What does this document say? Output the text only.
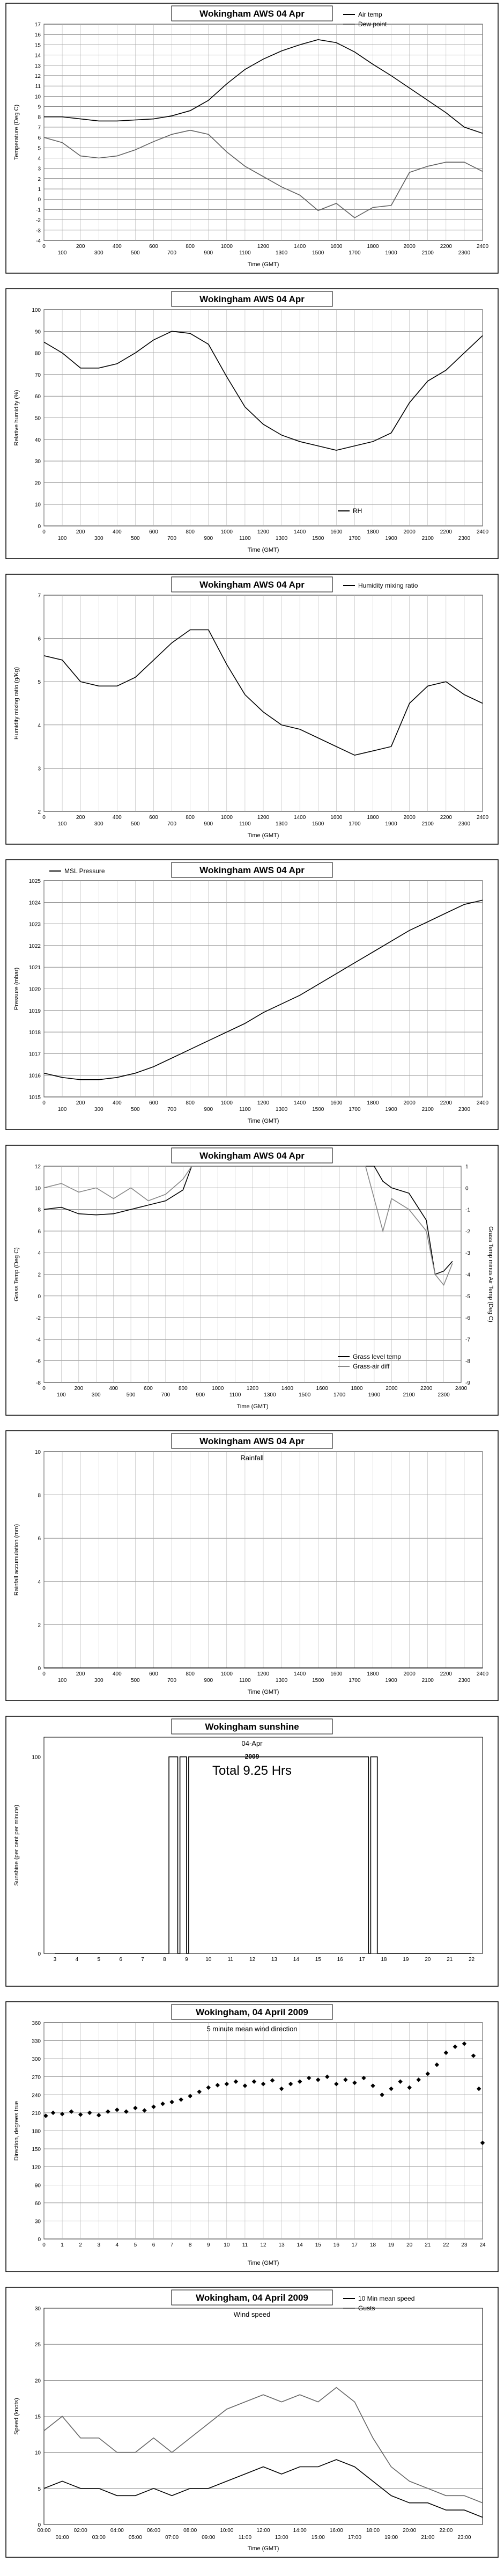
-4
-3
-2
-1
0
1
2
3
4
5
6
7
8
9
10
11
12
13
14
15
16
17
0
100
200
300
400
500
600
700
800
900
1000
1100
1200
1300
1400
1500
1600
1700
1800
1900
2000
2100
2200
2300
2400
Time (GMT)
Temperature (Deg C)
Wokingham AWS 04 Apr	Air temp
Dew point
0
10
20
30
40
50
60
70
80
90
100
0
100
200
300
400
500
600
700
800
900
1000
1100
1200
1300
1400
1500
1600
1700
1800
1900
2000
2100
2200
2300
2400
Time (GMT)
Relative humidity (%)
Wokingham AWS 04 Apr
RH
2
3
4
5
6
7
0
100
200
300
400
500
600
700
800
900
1000
1100
1200
1300
1400
1500
1600
1700
1800
1900
2000
2100
2200
2300
2400
Time (GMT)
Humidity mixing ratio (g/Kg)
Wokingham AWS 04 Apr	Humidity mixing ratio
1015
1016
1017
1018
1019
1020
1021
1022
1023
1024
1025
0
100
200
300
400
500
600
700
800
900
1000
1100
1200
1300
1400
1500
1600
1700
1800
1900
2000
2100
2200
2300
2400
Time (GMT)
Pressure (mbar)
Wokingham AWS 04 Apr
MSL Pressure
-8
-6
-4
-2
0
2
4
6
8
10
12
-9
-8
-7
-6
-5
-4
-3
-2
-1
0
1
Grass Temp minus Air Temp (Deg C)
0
100
200
300
400
500
600
700
800
900
1000
1100
1200
1300
1400
1500
1600
1700
1800
1900
2000
2100
2200
2300
2400
Time (GMT)
Grass Temp (Deg C)
Wokingham AWS 04 Apr
Grass level temp
Grass-air diff
0
2
4
6
8
10
0
100
200
300
400
500
600
700
800
900
1000
1100
1200
1300
1400
1500
1600
1700
1800
1900
2000
2100
2200
2300
2400
Time (GMT)
Rainfall accumulation (mm)
Wokingham AWS 04 Apr
Rainfall
0
100
3	4	5	6	7	8	9	10	11	12	13	14	15	16	17	18	19	20	21	22
Sunshine (per cent per minute)
Wokingham sunshine
04-Apr
2009
Total 9.25 Hrs
0
30
60
90
120
150
180
210
240
270
300
330
360
0	1	2	3	4	5	6	7	8	9	10 11 12 13 14 15 16 17 18 19 20 21 22 23 24
Time (GMT)
Direction, degrees true
Wokingham, 04 April 2009
5 minute mean wind direction
0
5
10
15
20
25
30
00:00	02:00	04:00	06:00	08:00	10:00	12:00	14:00	16:00	18:00	20:00	22:00
01:00	03:00	05:00	07:00	09:00	11:00	13:00	15:00	17:00	19:00	21:00	23:00
Time (GMT)
Speed (knots)
Wokingham, 04 April 2009
Wind speed
10 Min mean speed
Gusts
